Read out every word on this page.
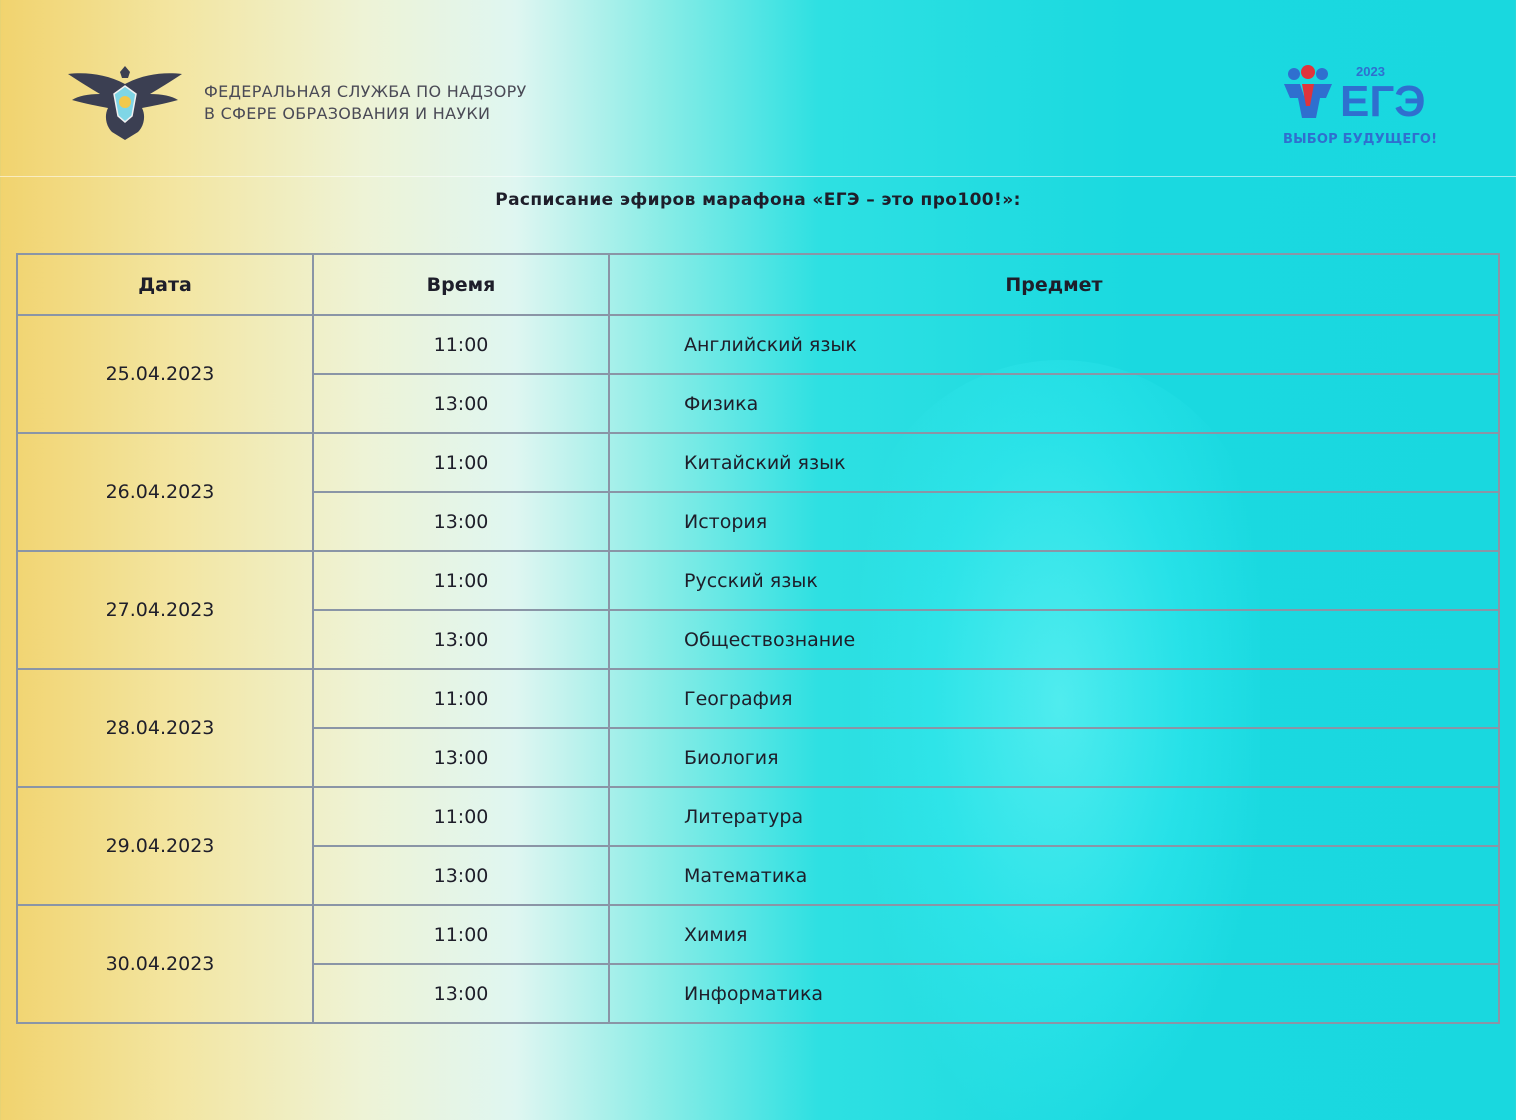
ФЕДЕРАЛЬНАЯ СЛУЖБА ПО НАДЗОРУ
В СФЕРЕ ОБРАЗОВАНИЯ И НАУКИ
2023
ЕГЭ
ВЫБОР БУДУЩЕГО!
Расписание эфиров марафона «ЕГЭ – это про100!»:
Дата	Время	Предмет
25.04.2023	11:00	Английский язык
	13:00	Физика
26.04.2023	11:00	Китайский язык
	13:00	История
27.04.2023	11:00	Русский язык
	13:00	Обществознание
28.04.2023	11:00	География
	13:00	Биология
29.04.2023	11:00	Литература
	13:00	Математика
30.04.2023	11:00	Химия
	13:00	Информатика
